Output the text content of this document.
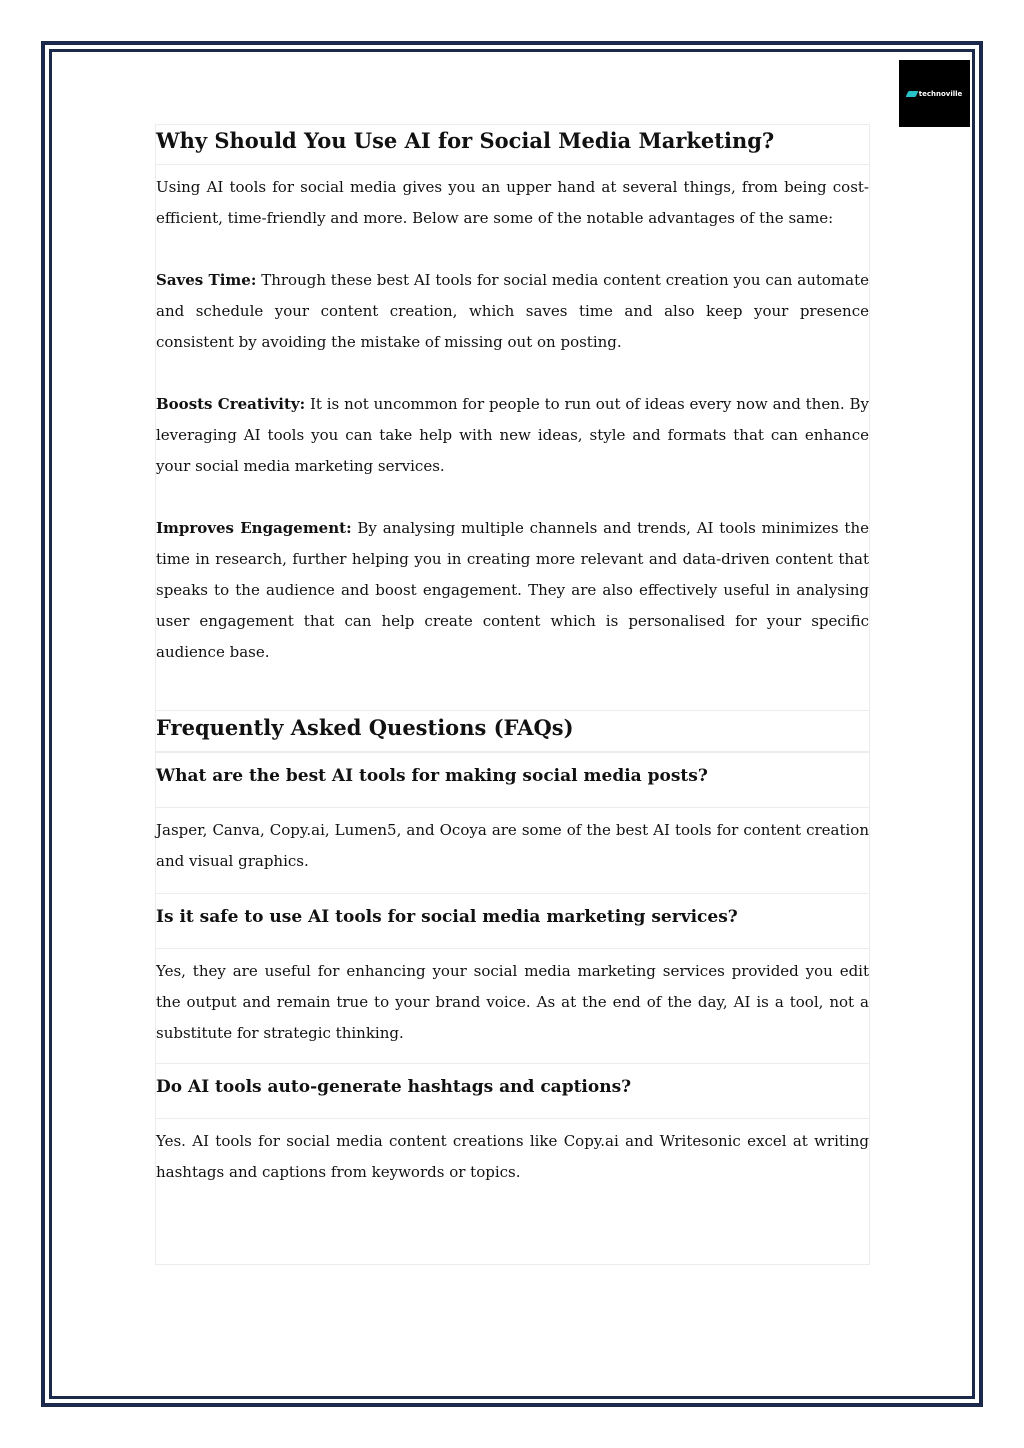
technoville
Why Should You Use AI for Social Media Marketing?

Using AI tools for social media gives you an upper hand at several things, from being cost-efficient, time-friendly and more. Below are some of the notable advantages of the same:

Saves Time: Through these best AI tools for social media content creation you can automate and schedule your content creation, which saves time and also keep your presence consistent by avoiding the mistake of missing out on posting.

Boosts Creativity: It is not uncommon for people to run out of ideas every now and then. By leveraging AI tools you can take help with new ideas, style and formats that can enhance your social media marketing services.

Improves Engagement: By analysing multiple channels and trends, AI tools minimizes the time in research, further helping you in creating more relevant and data-driven content that speaks to the audience and boost engagement. They are also effectively useful in analysing user engagement that can help create content which is personalised for your specific audience base.

Frequently Asked Questions (FAQs)
What are the best AI tools for making social media posts?

Jasper, Canva, Copy.ai, Lumen5, and Ocoya are some of the best AI tools for content creation and visual graphics.

Is it safe to use AI tools for social media marketing services?

Yes, they are useful for enhancing your social media marketing services provided you edit the output and remain true to your brand voice. As at the end of the day, AI is a tool, not a substitute for strategic thinking.

Do AI tools auto-generate hashtags and captions?

Yes. AI tools for social media content creations like Copy.ai and Writesonic excel at writing hashtags and captions from keywords or topics.
